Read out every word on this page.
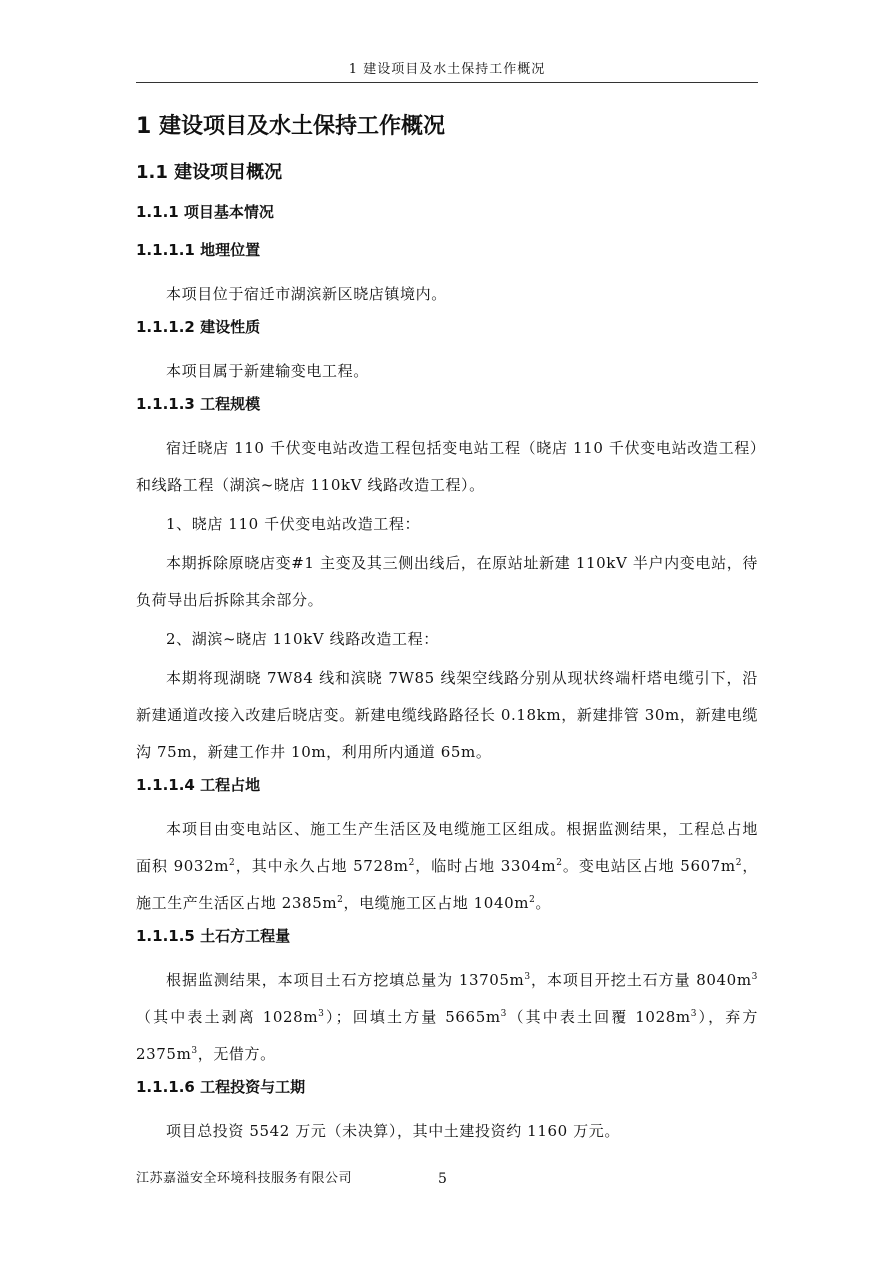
1 建设项目及水土保持工作概况
1 建设项目及水土保持工作概况
1.1 建设项目概况
1.1.1 项目基本情况
1.1.1.1 地理位置

本项目位于宿迁市湖滨新区晓店镇境内。

1.1.1.2 建设性质

本项目属于新建输变电工程。

1.1.1.3 工程规模

宿迁晓店 110 千伏变电站改造工程包括变电站工程（晓店 110 千伏变电站改造工程）和线路工程（湖滨~晓店 110kV 线路改造工程）。

1、晓店 110 千伏变电站改造工程：

本期拆除原晓店变#1 主变及其三侧出线后，在原站址新建 110kV 半户内变电站，待负荷导出后拆除其余部分。

2、湖滨~晓店 110kV 线路改造工程：

本期将现湖晓 7W84 线和滨晓 7W85 线架空线路分别从现状终端杆塔电缆引下，沿新建通道改接入改建后晓店变。新建电缆线路路径长 0.18km，新建排管 30m，新建电缆沟 75m，新建工作井 10m，利用所内通道 65m。

1.1.1.4 工程占地

本项目由变电站区、施工生产生活区及电缆施工区组成。根据监测结果，工程总占地面积 $9032m^2$，其中永久占地 $5728m^2$，临时占地 $3304m^2$。变电站区占地 $5607m^2$，施工生产生活区占地 $2385m^2$，电缆施工区占地 $1040m^2$。

1.1.1.5 土石方工程量

根据监测结果，本项目土石方挖填总量为 $13705m^3$，本项目开挖土石方量 $8040m^3$（其中表土剥离 $1028m^3$）；回填土方量 $5665m^3$（其中表土回覆 $1028m^3$），弃方 $2375m^3$，无借方。

1.1.1.6 工程投资与工期

项目总投资 5542 万元（未决算），其中土建投资约 1160 万元。

江苏嘉溢安全环境科技服务有限公司	5
